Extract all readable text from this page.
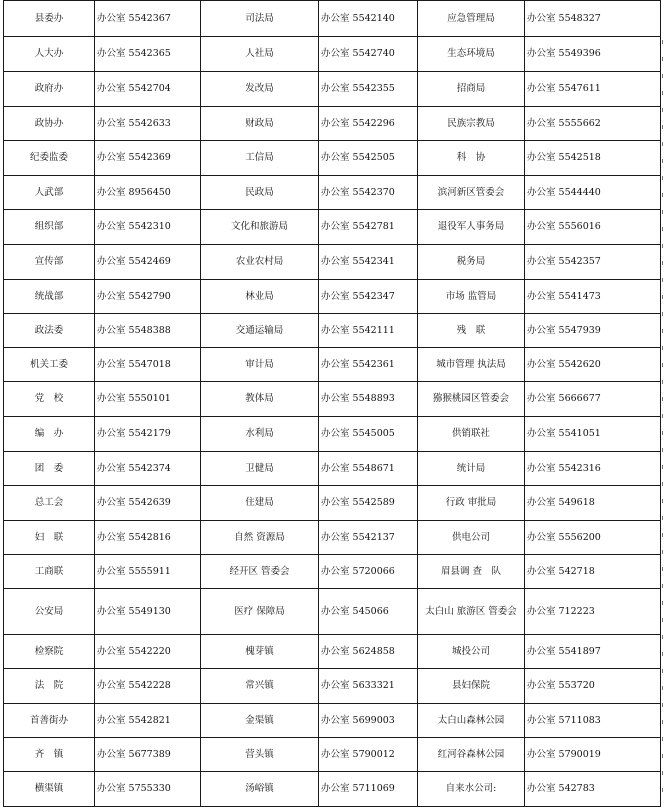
县委办	办公室 5542367	司法局	办公室 5542140	应急管理局	办公室 5548327
人大办	办公室 5542365	人社局	办公室 5542740	生态环境局	办公室 5549396
政府办	办公室 5542704	发改局	办公室 5542355	招商局	办公室 5547611
政协办	办公室 5542633	财政局	办公室 5542296	民族宗教局	办公室 5555662
纪委监委	办公室 5542369	工信局	办公室 5542505	科　协	办公室 5542518
人武部	办公室 8956450	民政局	办公室 5542370	滨河新区管委会	办公室 5544440
组织部	办公室 5542310	文化和旅游局	办公室 5542781	退役军人事务局	办公室 5556016
宣传部	办公室 5542469	农业农村局	办公室 5542341	税务局	办公室 5542357
统战部	办公室 5542790	林业局	办公室 5542347	市场 监管局	办公室 5541473
政法委	办公室 5548388	交通运输局	办公室 5542111	残　联	办公室 5547939
机关工委	办公室 5547018	审计局	办公室 5542361	城市管理 执法局	办公室 5542620
党　校	办公室 5550101	教体局	办公室 5548893	猕猴桃园区管委会	办公室 5666677
编　办	办公室 5542179	水利局	办公室 5545005	供销联社	办公室 5541051
团　委	办公室 5542374	卫健局	办公室 5548671	统计局	办公室 5542316
总工会	办公室 5542639	住建局	办公室 5542589	行政 审批局	办公室 549618
妇　联	办公室 5542816	自然 资源局	办公室 5542137	供电公司	办公室 5556200
工商联	办公室 5555911	经开区 管委会	办公室 5720066	眉县调 查　队	办公室 542718
公安局	办公室 5549130	医疗 保障局	办公室 545066	太白山 旅游区 管委会	办公室 712223
检察院	办公室 5542220	槐芽镇	办公室 5624858	城投公司	办公室 5541897
法　院	办公室 5542228	常兴镇	办公室 5633321	县妇保院	办公室 553720
首善街办	办公室 5542821	金渠镇	办公室 5699003	太白山森林公园	办公室 5711083
齐　镇	办公室 5677389	营头镇	办公室 5790012	红河谷森林公园	办公室 5790019
横渠镇	办公室 5755330	汤峪镇	办公室 5711069	自来水公司:	办公室 542783
